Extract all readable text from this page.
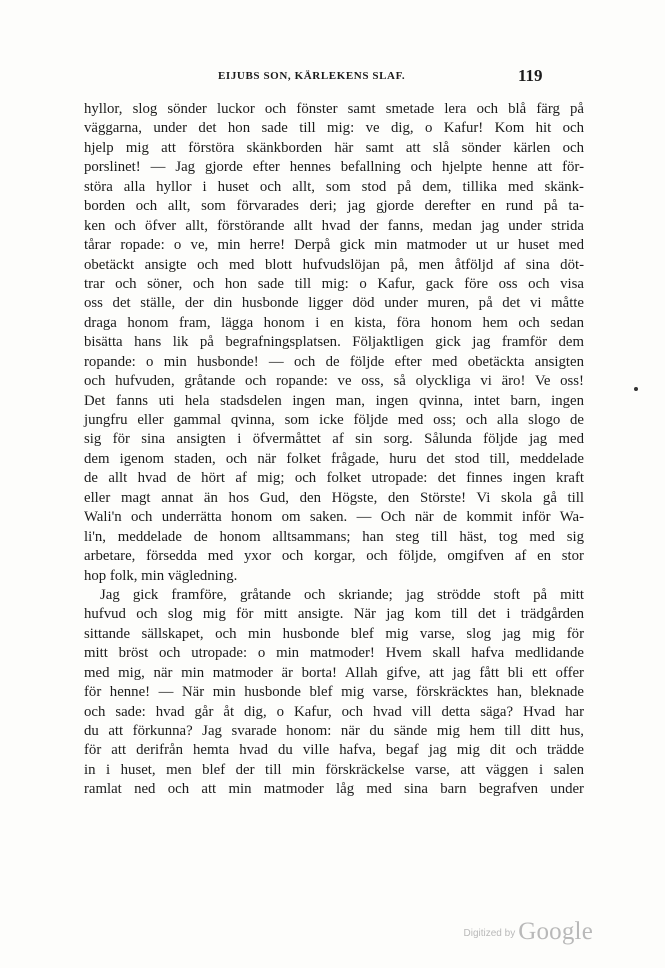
EIJUBS SON, KÄRLEKENS SLAF.	119
hyllor, slog sönder luckor och fönster samt smetade lera och blå färg på
väggarna, under det hon sade till mig: ve dig, o Kafur! Kom hit och
hjelp mig att förstöra skänkborden här samt att slå sönder kärlen och
porslinet! — Jag gjorde efter hennes befallning och hjelpte henne att för-
störa alla hyllor i huset och allt, som stod på dem, tillika med skänk-
borden och allt, som förvarades deri; jag gjorde derefter en rund på ta-
ken och öfver allt, förstörande allt hvad der fanns, medan jag under strida
tårar ropade: o ve, min herre! Derpå gick min matmoder ut ur huset med
obetäckt ansigte och med blott hufvudslöjan på, men åtföljd af sina döt-
trar och söner, och hon sade till mig: o Kafur, gack före oss och visa
oss det ställe, der din husbonde ligger död under muren, på det vi måtte
draga honom fram, lägga honom i en kista, föra honom hem och sedan
bisätta hans lik på begrafningsplatsen. Följaktligen gick jag framför dem
ropande: o min husbonde! — och de följde efter med obetäckta ansigten
och hufvuden, gråtande och ropande: ve oss, så olyckliga vi äro! Ve oss!
Det fanns uti hela stadsdelen ingen man, ingen qvinna, intet barn, ingen
jungfru eller gammal qvinna, som icke följde med oss; och alla slogo de
sig för sina ansigten i öfvermåttet af sin sorg. Sålunda följde jag med
dem igenom staden, och när folket frågade, huru det stod till, meddelade
de allt hvad de hört af mig; och folket utropade: det finnes ingen kraft
eller magt annat än hos Gud, den Högste, den Störste! Vi skola gå till
Wali'n och underrätta honom om saken. — Och när de kommit inför Wa-
li'n, meddelade de honom alltsammans; han steg till häst, tog med sig
arbetare, försedda med yxor och korgar, och följde, omgifven af en stor
hop folk, min vägledning.
Jag gick framföre, gråtande och skriande; jag strödde stoft på mitt
hufvud och slog mig för mitt ansigte. När jag kom till det i trädgården
sittande sällskapet, och min husbonde blef mig varse, slog jag mig för
mitt bröst och utropade: o min matmoder! Hvem skall hafva medlidande
med mig, när min matmoder är borta! Allah gifve, att jag fått bli ett offer
för henne! — När min husbonde blef mig varse, förskräcktes han, bleknade
och sade: hvad går åt dig, o Kafur, och hvad vill detta säga? Hvad har
du att förkunna? Jag svarade honom: när du sände mig hem till ditt hus,
för att derifrån hemta hvad du ville hafva, begaf jag mig dit och trädde
in i huset, men blef der till min förskräckelse varse, att väggen i salen
ramlat ned och att min matmoder låg med sina barn begrafven under
Digitized by Google
